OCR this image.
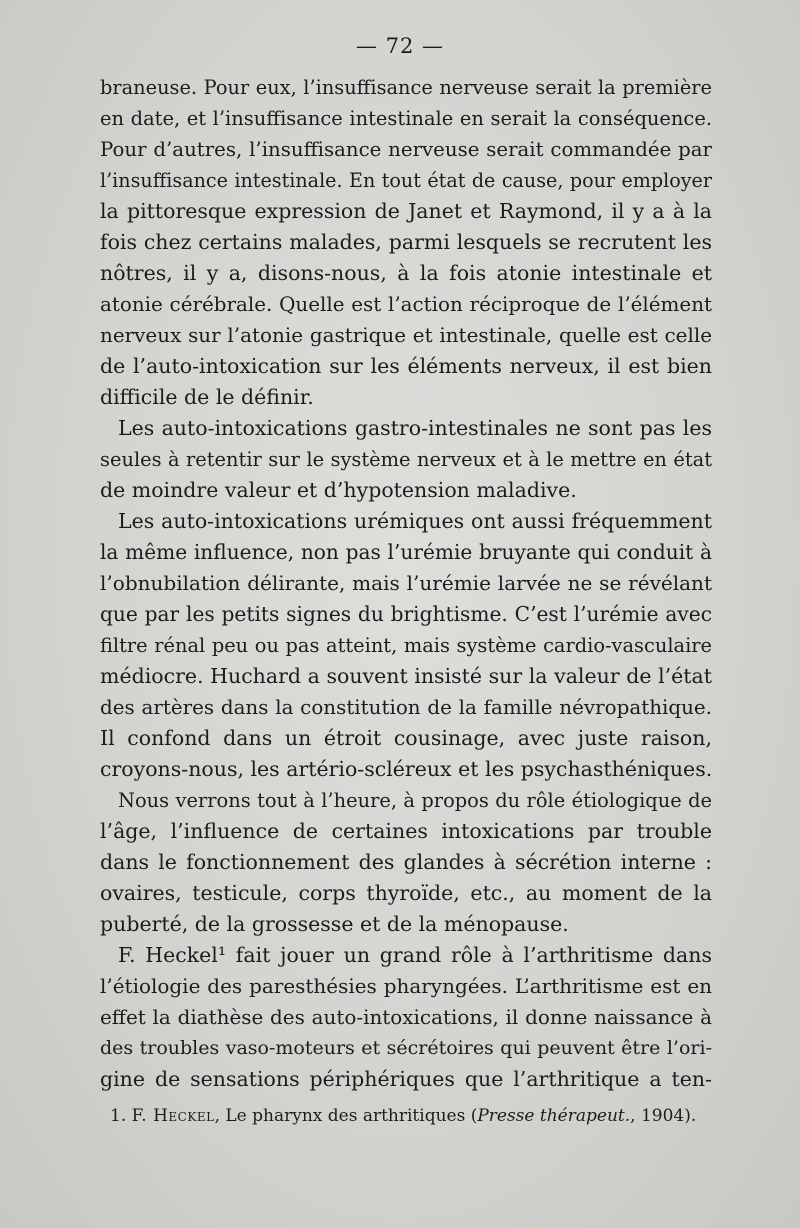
— 72 —
braneuse. Pour eux, l’insuffisance nerveuse serait la première
en date, et l’insuffisance intestinale en serait la conséquence.
Pour d’autres, l’insuffisance nerveuse serait commandée par
l’insuffisance intestinale. En tout état de cause, pour employer
la pittoresque expression de Janet et Raymond, il y a à la
fois chez certains malades, parmi lesquels se recrutent les
nôtres, il y a, disons-nous, à la fois atonie intestinale et
atonie cérébrale. Quelle est l’action réciproque de l’élément
nerveux sur l’atonie gastrique et intestinale, quelle est celle
de l’auto-intoxication sur les éléments nerveux, il est bien
difficile de le définir.
Les auto-intoxications gastro-intestinales ne sont pas les
seules à retentir sur le système nerveux et à le mettre en état
de moindre valeur et d’hypotension maladive.
Les auto-intoxications urémiques ont aussi fréquemment
la même influence, non pas l’urémie bruyante qui conduit à
l’obnubilation délirante, mais l’urémie larvée ne se révélant
que par les petits signes du brightisme. C’est l’urémie avec
filtre rénal peu ou pas atteint, mais système cardio-vasculaire
médiocre. Huchard a souvent insisté sur la valeur de l’état
des artères dans la constitution de la famille névropathique.
Il confond dans un étroit cousinage, avec juste raison,
croyons-nous, les artério-scléreux et les psychasthéniques.
Nous verrons tout à l’heure, à propos du rôle étiologique de
l’âge, l’influence de certaines intoxications par trouble
dans le fonctionnement des glandes à sécrétion interne :
ovaires, testicule, corps thyroïde, etc., au moment de la
puberté, de la grossesse et de la ménopause.
F. Heckel¹ fait jouer un grand rôle à l’arthritisme dans
l’étiologie des paresthésies pharyngées. L’arthritisme est en
effet la diathèse des auto-intoxications, il donne naissance à
des troubles vaso-moteurs et sécrétoires qui peuvent être l’ori-
gine de sensations périphériques que l’arthritique a ten-
1. F. Heckel, Le pharynx des arthritiques (Presse thérapeut., 1904).
